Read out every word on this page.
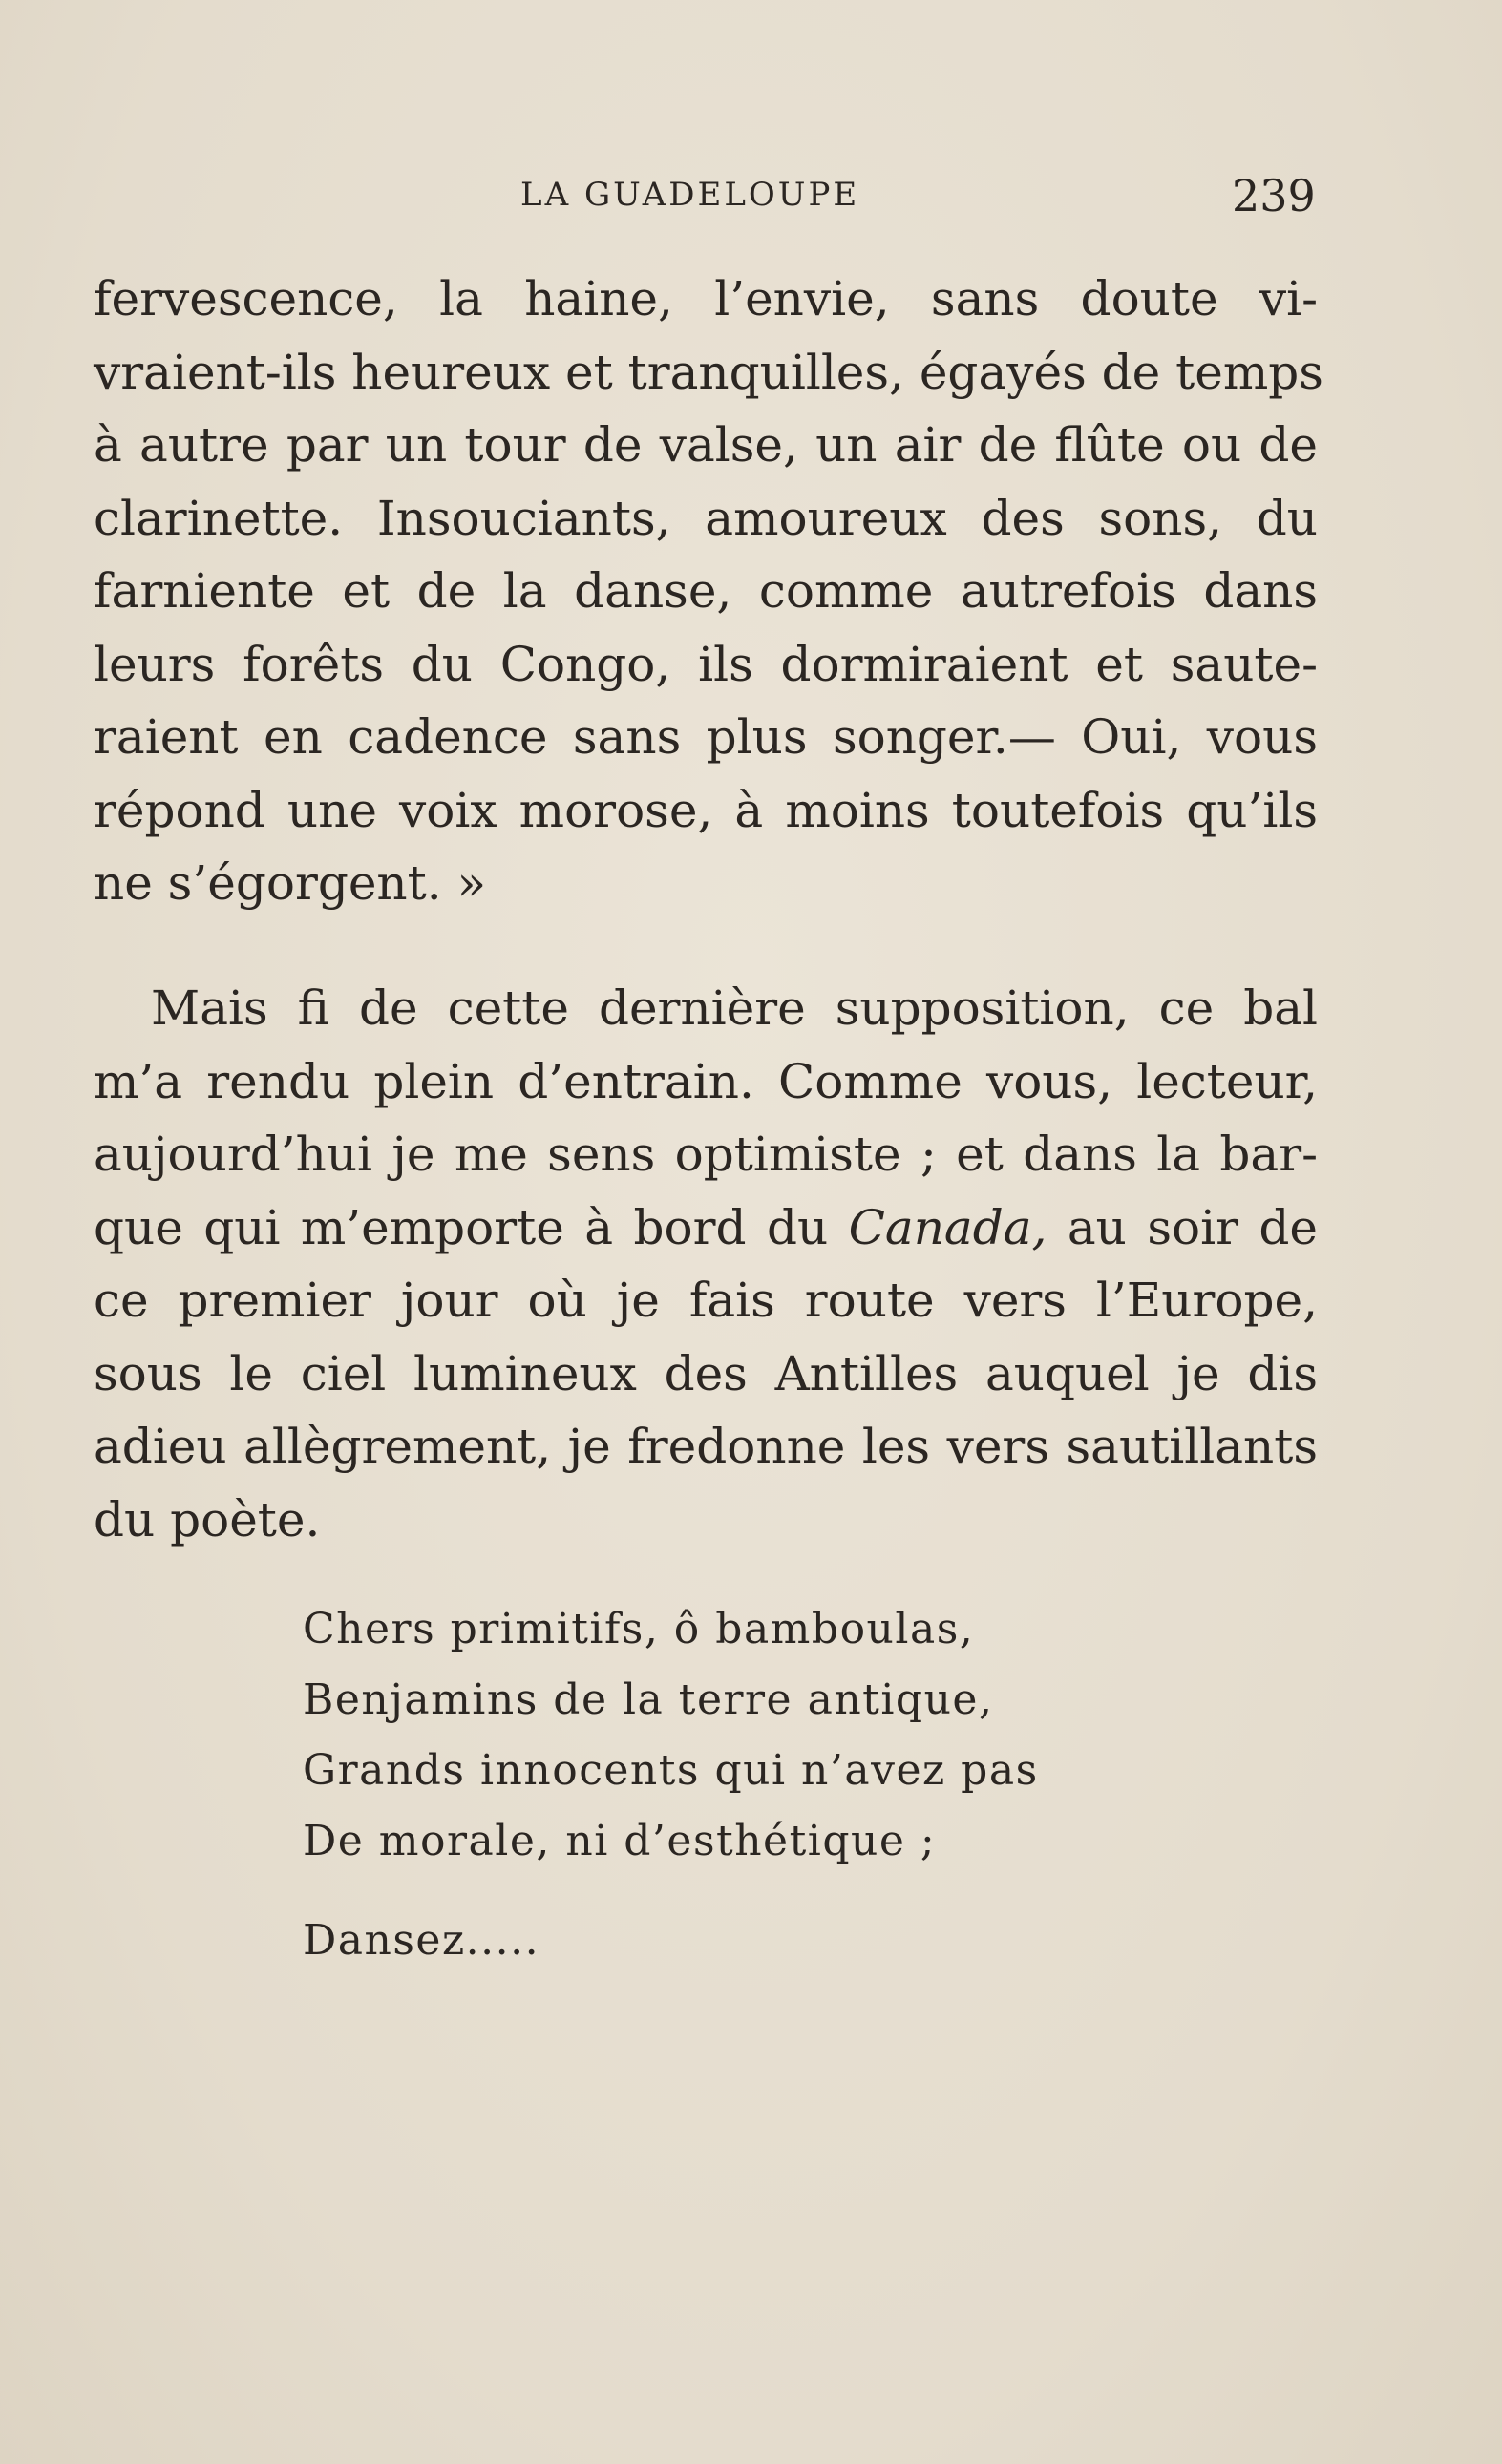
LA GUADELOUPE	239
fervescence, la haine, l’envie, sans doute vi-
vraient-ils heureux et tranquilles, égayés de temps
à autre par un tour de valse, un air de flûte ou de
clarinette. Insouciants, amoureux des sons, du
farniente et de la danse, comme autrefois dans
leurs forêts du Congo, ils dormiraient et saute-
raient en cadence sans plus songer.— Oui, vous
répond une voix morose, à moins toutefois qu’ils
ne s’égorgent. »
Mais fi de cette dernière supposition, ce bal
m’a rendu plein d’entrain. Comme vous, lecteur,
aujourd’hui je me sens optimiste ; et dans la bar-
que qui m’emporte à bord du Canada, au soir de
ce premier jour où je fais route vers l’Europe,
sous le ciel lumineux des Antilles auquel je dis
adieu allègrement, je fredonne les vers sautillants
du poète.
Chers primitifs, ô bamboulas,
Benjamins de la terre antique,
Grands innocents qui n’avez pas
De morale, ni d’esthétique ;
Dansez.....
